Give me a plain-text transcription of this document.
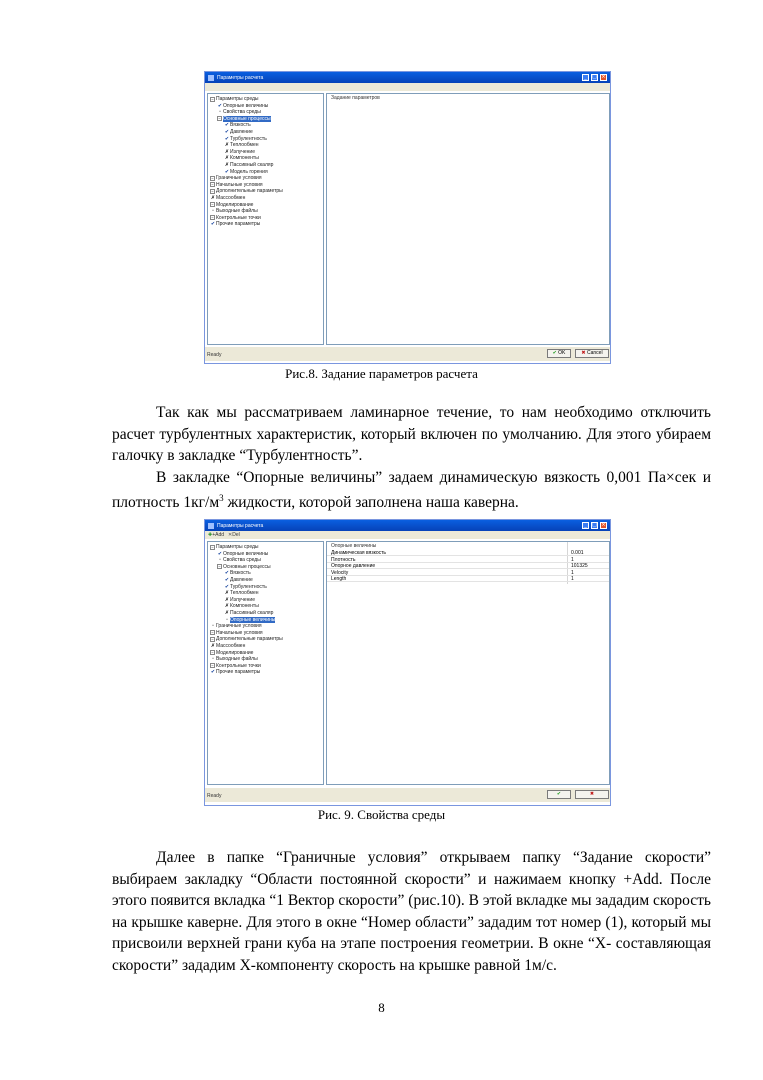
Параметры расчета	_	□ ×
− Параметры среды
✔ Опорные величины
▫ Свойства среды
− Основные процессы
✔ Вязкость
✔ Давление
✔ Турбулентность
✗ Теплообмен
✗ Излучение
✗ Компоненты
✗ Пассивный скаляр
✔ Модель горения
− Граничные условия
− Начальные условия
− Дополнительные параметры
✗ Массообмен
− Моделирование
▫ Выходные файлы
− Контрольные точки
✔ Прочие параметры
Задание параметров
✔ OK	✖ Cancel
Ready
Рис.8. Задание параметров расчета

Так как мы рассматриваем ламинарное течение, то нам необходимо отключить расчет турбулентных характеристик, который включен по умолчанию. Для этого убираем галочку в закладке “Турбулентность”.

В закладке “Опорные величины” задаем динамическую вязкость 0,001 Па×сек и плотность $1кг/м^3$ жидкости, которой заполнена наша каверна.

Параметры расчета	_	□ ×
✚+Add ✕Del
− Параметры среды
✔ Опорные величины
▫ Свойства среды
− Основные процессы
✔ Вязкость
✔ Давление
✔ Турбулентность
✗ Теплообмен
✗ Излучение
✗ Компоненты
✗ Пассивный скаляр
▫ Опорные величины
▫ Граничные условия
− Начальные условия
− Дополнительные параметры
✗ Массообмен
− Моделирование
▫ Выходные файлы
− Контрольные точки
✔ Прочие параметры
Опорные величины
Динамическая вязкость	0.001
Плотность	1
Опорное давление	101325
Velocity	1
Length	1
✔	✖
Ready
Рис. 9. Свойства среды

Далее в папке “Граничные условия” открываем папку “Задание скорости” выбираем закладку “Области постоянной скорости” и нажимаем кнопку +Add. После этого появится вкладка “1 Вектор скорости” (рис.10). В этой вкладке мы зададим скорость на крышке каверне. Для этого в окне “Номер области” зададим тот номер (1), который мы присвоили верхней грани куба на этапе построения геометрии. В окне “X- составляющая скорости” зададим X-компоненту скорость на крышке равной 1м/с.

8
